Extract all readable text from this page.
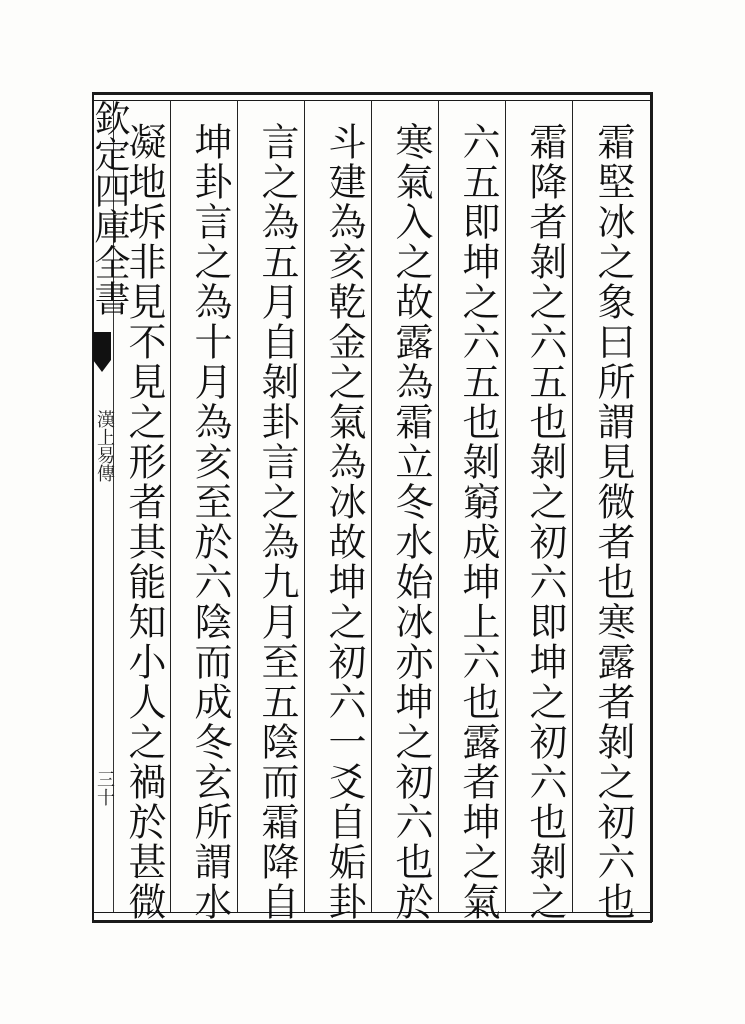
欽定四庫全書
漢上易傳
三十	霜堅冰之象曰所謂見微者也寒露者剝之初六也
霜降者剝之六五也剝之初六即坤之初六也剝之
六五即坤之六五也剝窮成坤上六也露者坤之氣
寒氣入之故露為霜立冬水始冰亦坤之初六也於
斗建為亥乾金之氣為冰故坤之初六一爻自姤卦
言之為五月自剝卦言之為九月至五陰而霜降自
坤卦言之為十月為亥至於六陰而成冬玄所謂水
凝地坼非見不見之形者其能知小人之禍於甚微
